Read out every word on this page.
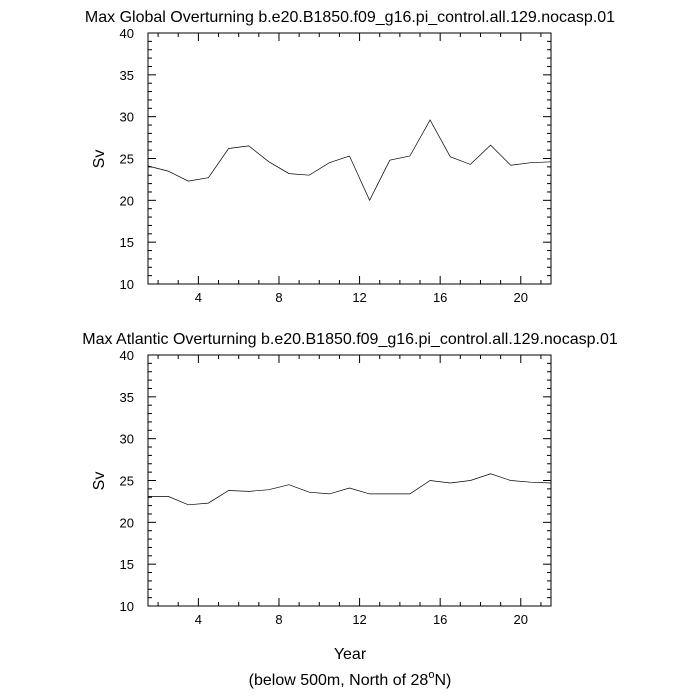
Max Global Overturning b.e20.B1850.f09_g16.pi_control.all.129.nocasp.01
Sv
4	8	12	16	20
10
15
20
25
30
35
40
Max Atlantic Overturning b.e20.B1850.f09_g16.pi_control.all.129.nocasp.01
Sv
4	8	12	16	20
10
15
20
25
30
35
40
Year
(below 500m, North of 28$^o$N)
